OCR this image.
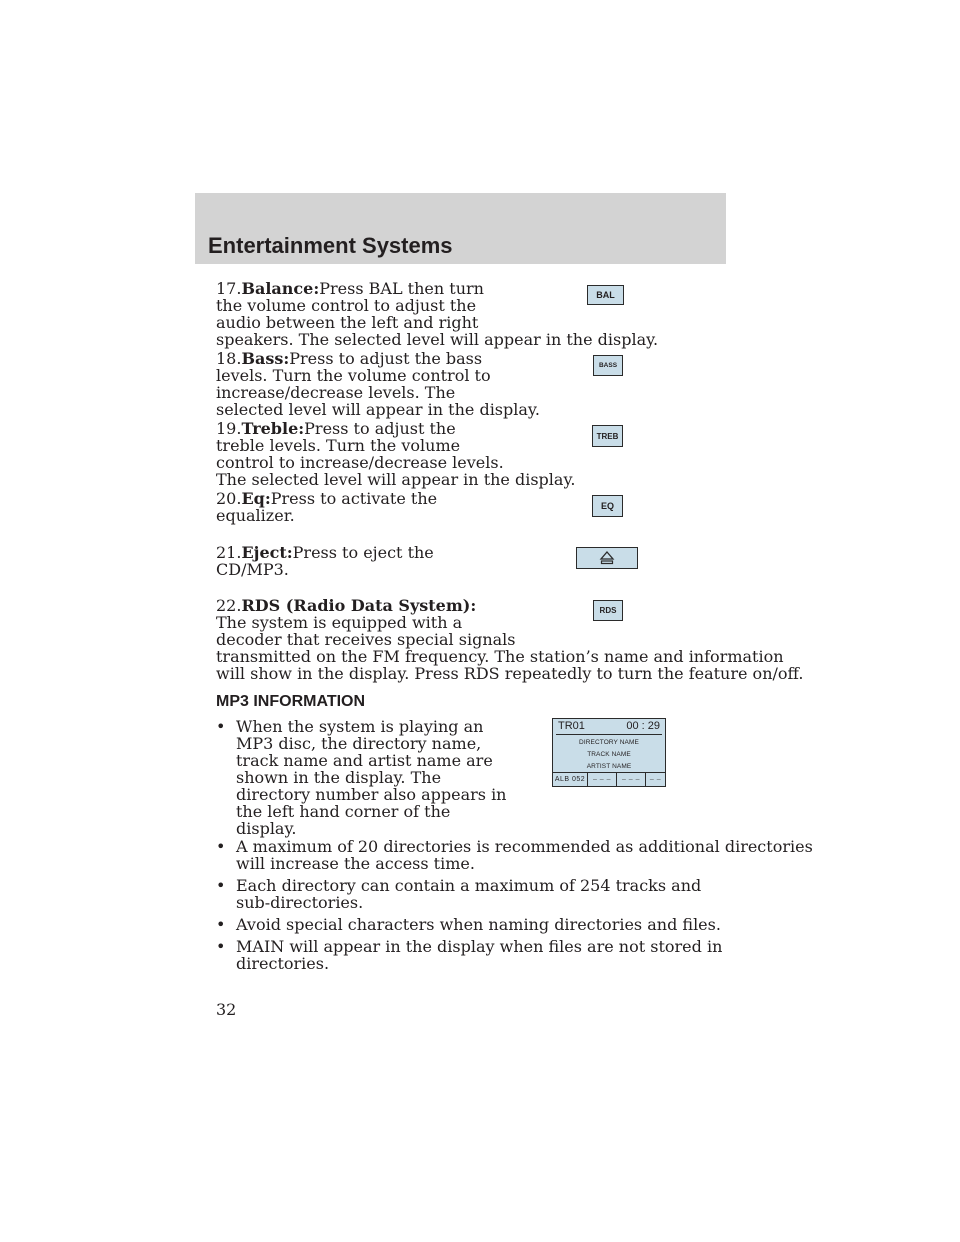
Entertainment Systems
17.Balance:Press BAL then turn
the volume control to adjust the
audio between the left and right
speakers. The selected level will appear in the display.
BAL
18.Bass:Press to adjust the bass
levels. Turn the volume control to
increase/decrease levels. The
selected level will appear in the display.
BASS
19.Treble:Press to adjust the
treble levels. Turn the volume
control to increase/decrease levels.
The selected level will appear in the display.
TREB
20.Eq:Press to activate the
equalizer.	EQ
21.Eject:Press to eject the
CD/MP3.
22.RDS (Radio Data System):
The system is equipped with a
decoder that receives special signals
transmitted on the FM frequency. The station’s name and information
will show in the display. Press RDS repeatedly to turn the feature on/off.
RDS
MP3 INFORMATION
• When the system is playing an
MP3 disc, the directory name,
track name and artist name are
shown in the display. The
directory number also appears in
the left hand corner of the
display.
• A maximum of 20 directories is recommended as additional directories
will increase the access time.
• Each directory can contain a maximum of 254 tracks and
sub-directories.
• Avoid special characters when naming directories and files.
• MAIN will appear in the display when files are not stored in
directories.
TR01	00 : 29
DIRECTORY NAME
TRACK NAME
ARTIST NAME
ALB 052	– – –	– – –	– –
32
